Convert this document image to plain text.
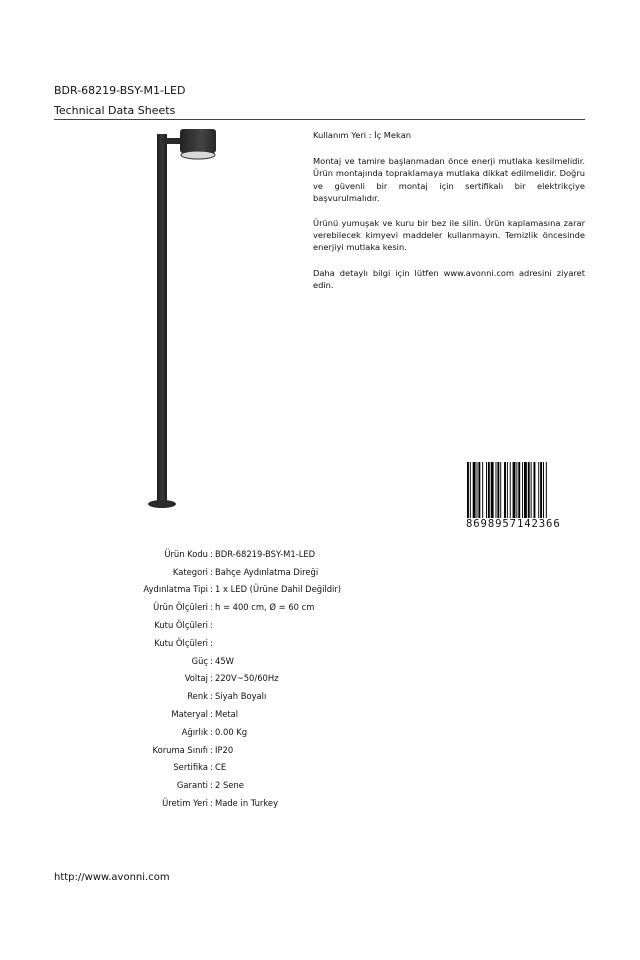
BDR-68219-BSY-M1-LED
Technical Data Sheets

Kullanım Yeri : İç Mekan

Montaj ve tamire başlanmadan önce enerji mutlaka kesilmelidir. Ürün montajında topraklamaya mutlaka dikkat edilmelidir. Doğru ve güvenli bir montaj için sertifikalı bir elektrikçiye başvurulmalıdır.

Ürünü yumuşak ve kuru bir bez ile silin. Ürün kaplamasına zarar verebilecek kimyevi maddeler kullanmayın. Temizlik öncesinde enerjiyi mutlaka kesin.

Daha detaylı bilgi için lütfen www.avonni.com adresini ziyaret edin.

8698957142366
Ürün Kodu : BDR-68219-BSY-M1-LED
Kategori : Bahçe Aydınlatma Direği
Aydınlatma Tipi : 1 x LED (Ürüne Dahil Değildir)
Ürün Ölçüleri : h = 400 cm, Ø = 60 cm
Kutu Ölçüleri :
Kutu Ölçüleri :
Güç : 45W
Voltaj : 220V~50/60Hz
Renk : Siyah Boyalı
Materyal : Metal
Ağırlık : 0.00 Kg
Koruma Sınıfı : IP20
Sertifika : CE
Garanti : 2 Sene
Üretim Yeri : Made in Turkey
http://www.avonni.com
